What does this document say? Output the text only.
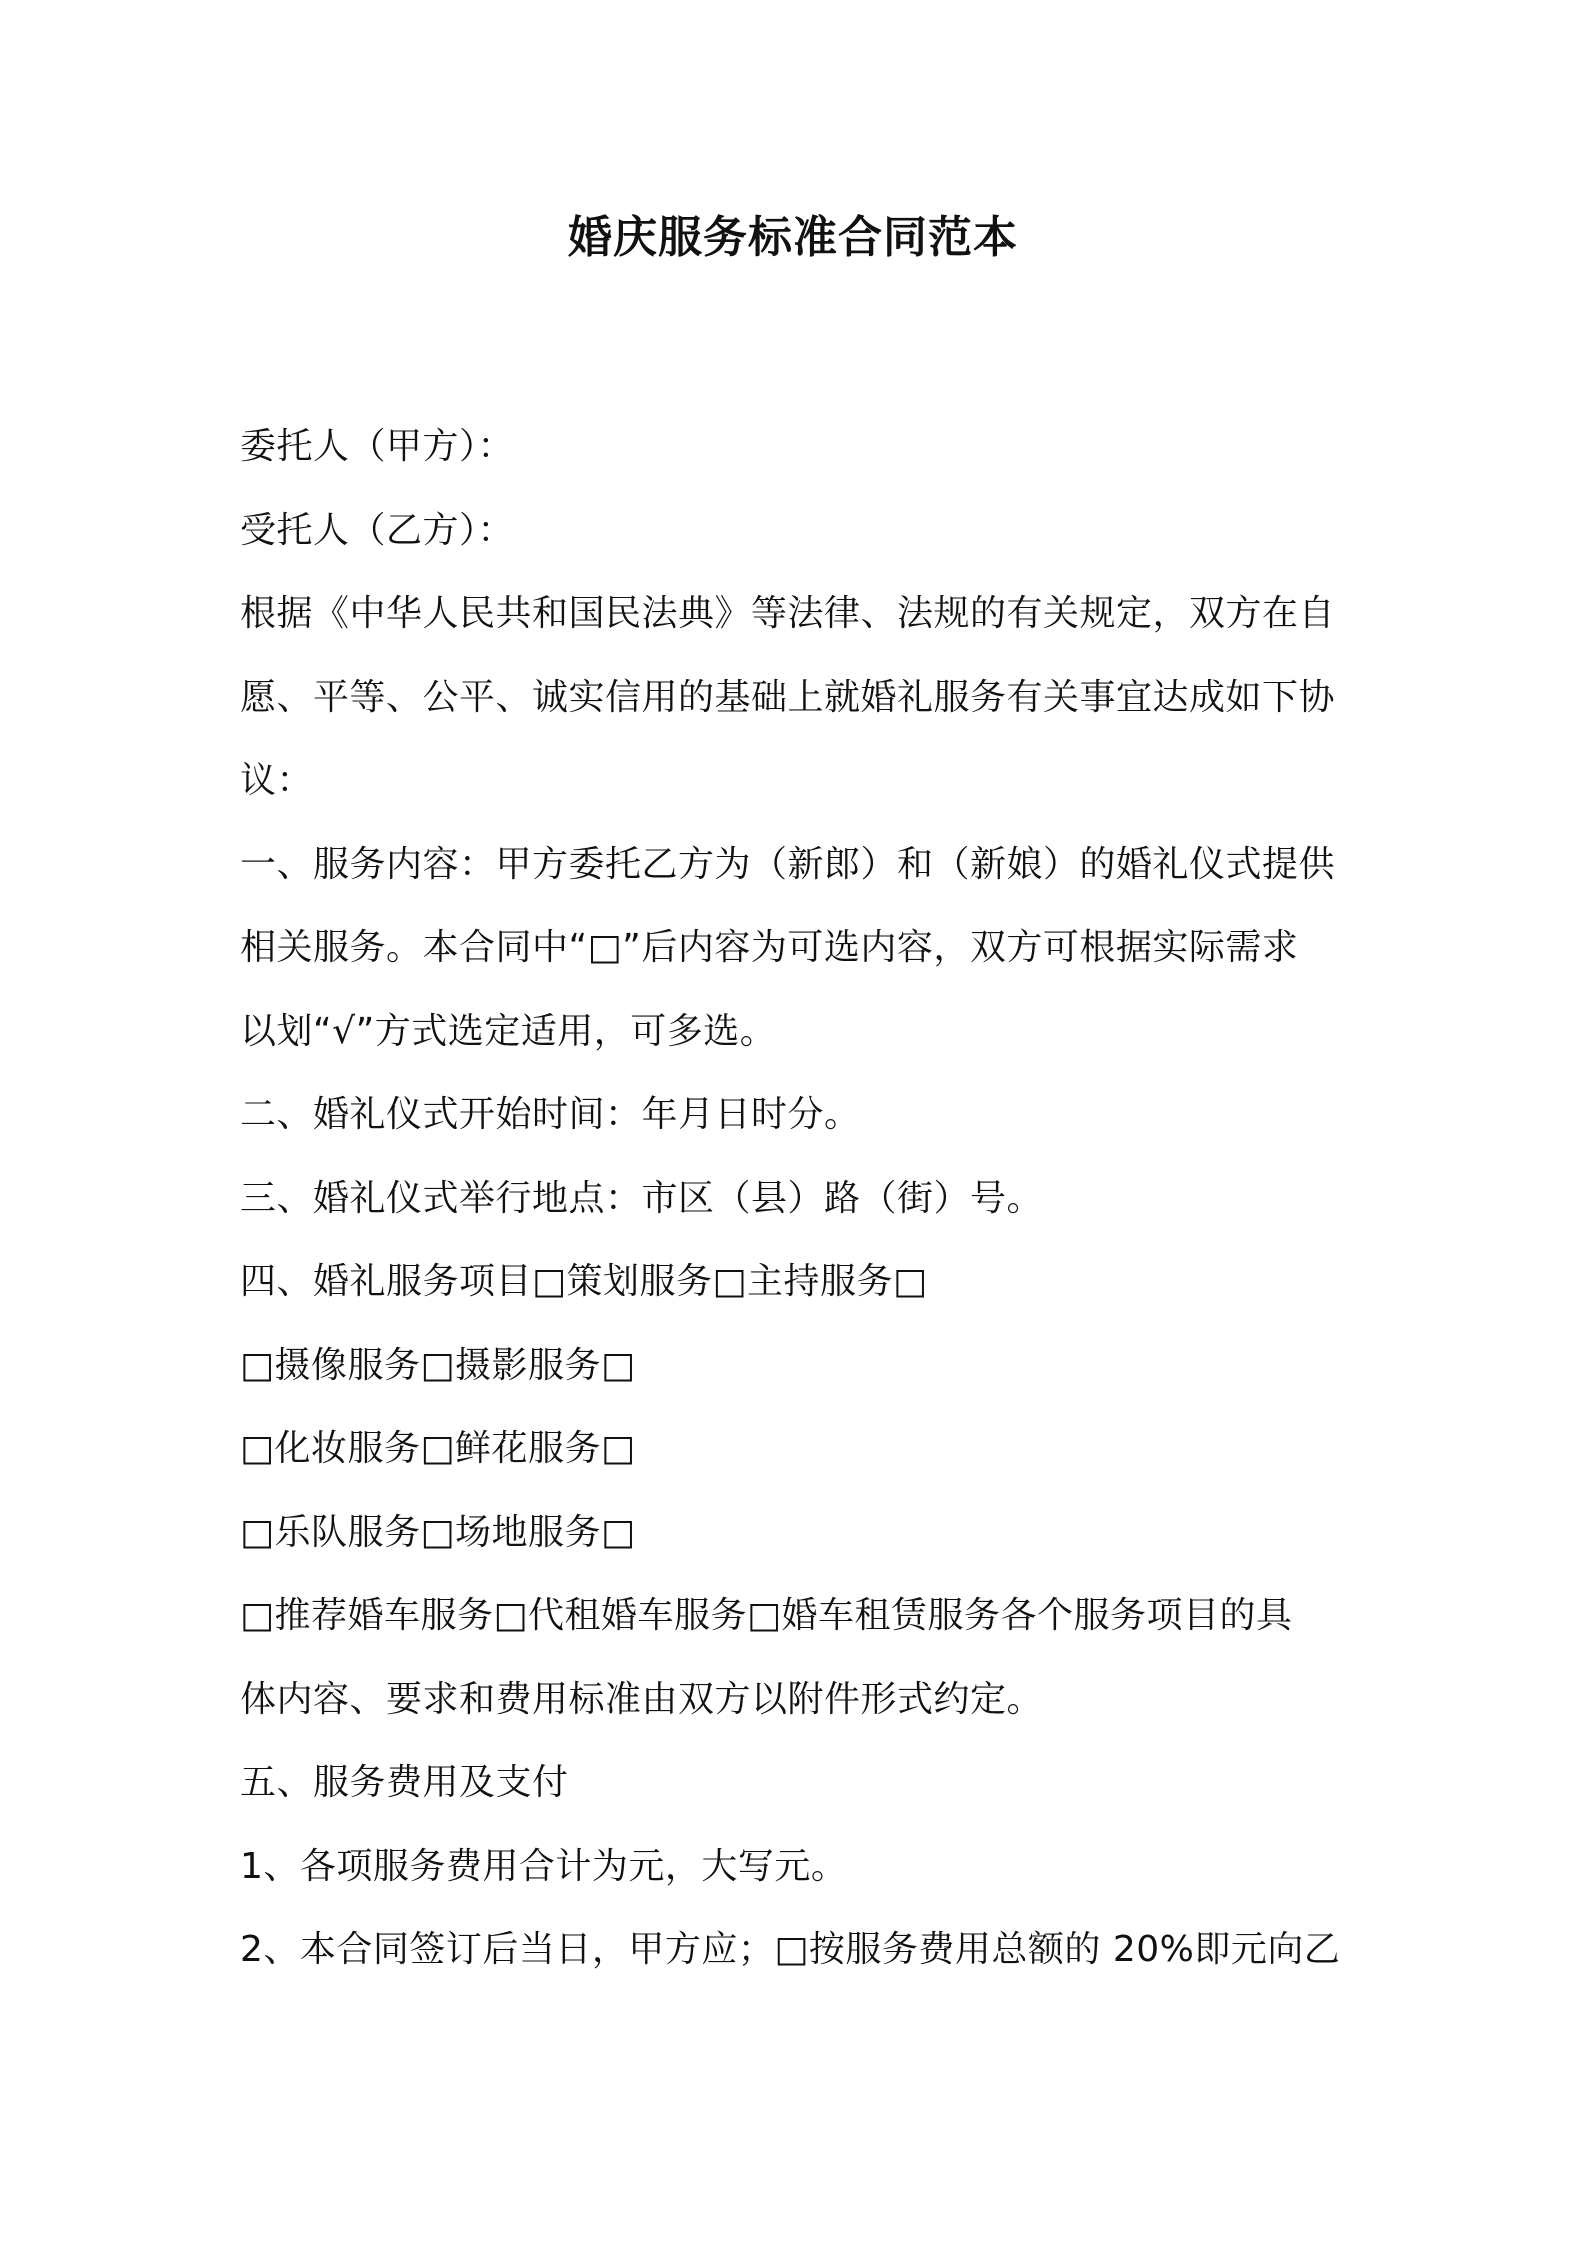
婚庆服务标准合同范本
委托人（甲方）：
受托人（乙方）：
根据《中华人民共和国民法典》等法律、法规的有关规定，双方在自
愿、平等、公平、诚实信用的基础上就婚礼服务有关事宜达成如下协
议：
一、服务内容：甲方委托乙方为（新郎）和（新娘）的婚礼仪式提供
相关服务。本合同中“□”后内容为可选内容，双方可根据实际需求
以划“√”方式选定适用，可多选。
二、婚礼仪式开始时间：年月日时分。
三、婚礼仪式举行地点：市区（县）路（街）号。
四、婚礼服务项目□策划服务□主持服务□
□摄像服务□摄影服务□
□化妆服务□鲜花服务□
□乐队服务□场地服务□
□推荐婚车服务□代租婚车服务□婚车租赁服务各个服务项目的具
体内容、要求和费用标准由双方以附件形式约定。
五、服务费用及支付
1、各项服务费用合计为元，大写元。
2、本合同签订后当日，甲方应；□按服务费用总额的 20%即元向乙
